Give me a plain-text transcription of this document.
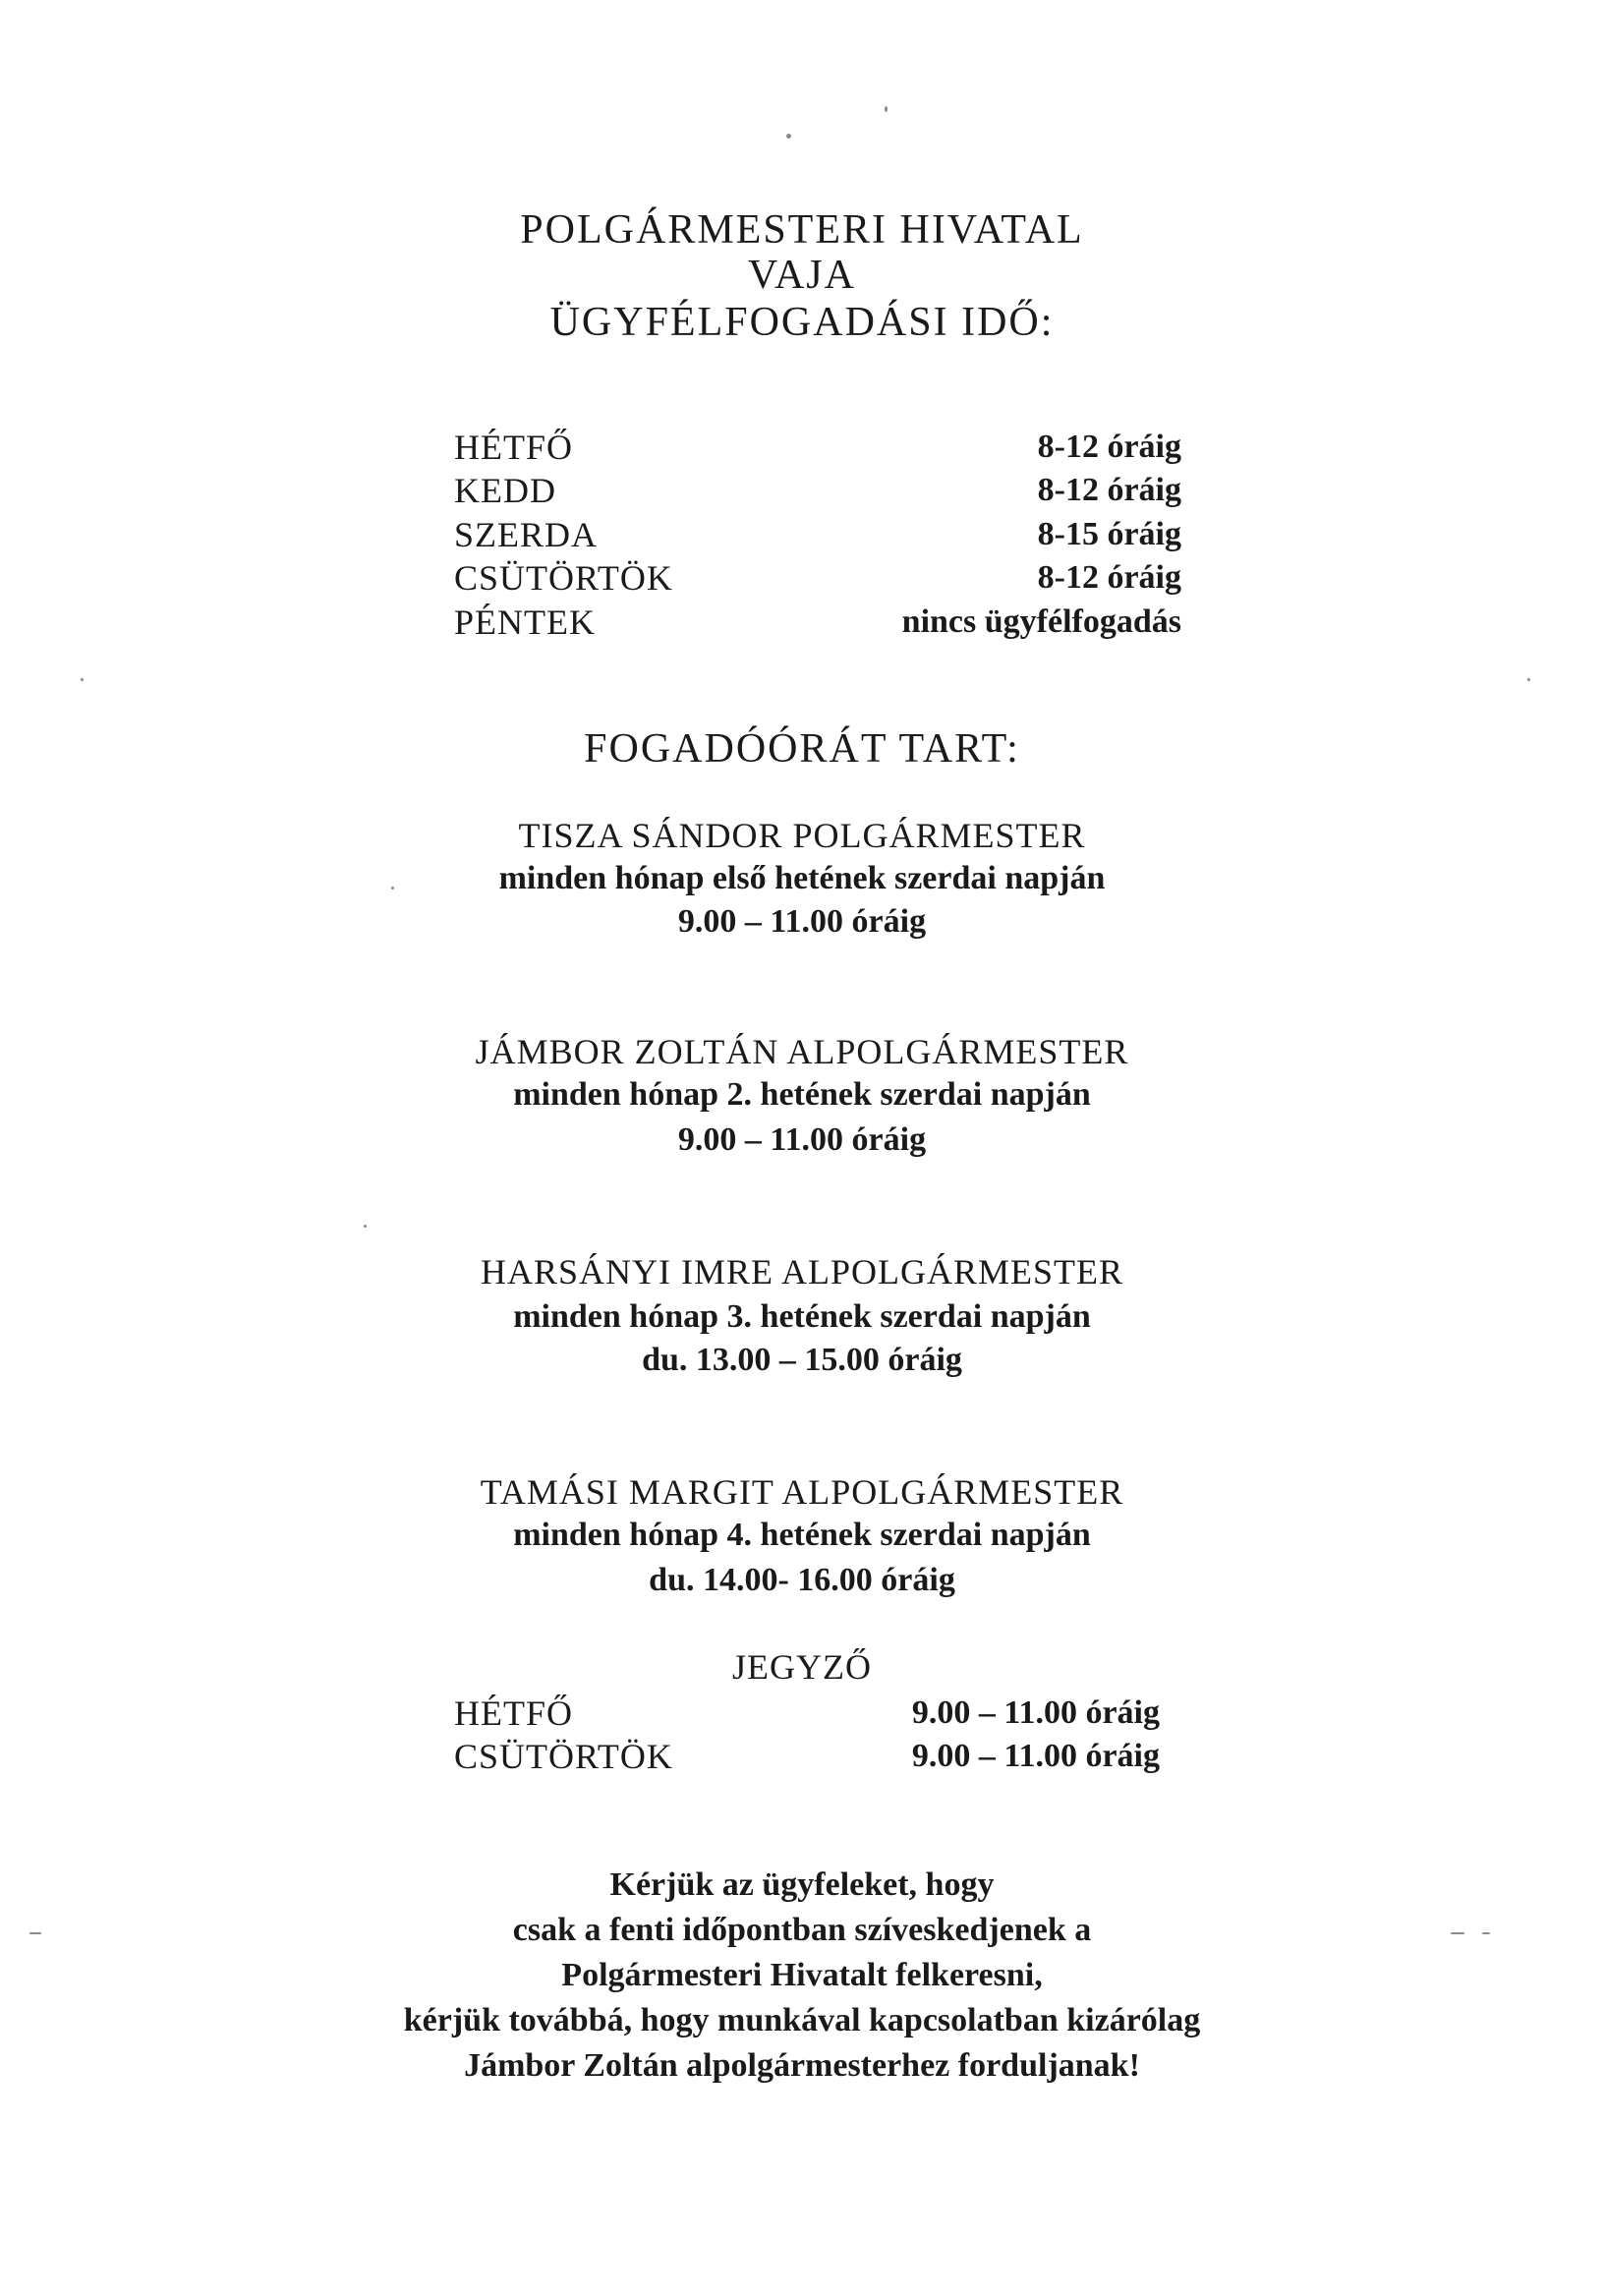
POLGÁRMESTERI HIVATAL
VAJA
ÜGYFÉLFOGADÁSI IDŐ:
HÉTFŐ	8-12 óráig
KEDD	8-12 óráig
SZERDA	8-15 óráig
CSÜTÖRTÖK	8-12 óráig
PÉNTEK	nincs ügyfélfogadás
FOGADÓÓRÁT TART:
TISZA SÁNDOR POLGÁRMESTER
minden hónap első hetének szerdai napján
9.00 – 11.00 óráig
JÁMBOR ZOLTÁN ALPOLGÁRMESTER
minden hónap 2. hetének szerdai napján
9.00 – 11.00 óráig
HARSÁNYI IMRE ALPOLGÁRMESTER
minden hónap 3. hetének szerdai napján
du. 13.00 – 15.00 óráig
TAMÁSI MARGIT ALPOLGÁRMESTER
minden hónap 4. hetének szerdai napján
du. 14.00- 16.00 óráig
JEGYZŐ
HÉTFŐ	9.00 – 11.00 óráig
CSÜTÖRTÖK	9.00 – 11.00 óráig
Kérjük az ügyfeleket, hogy
csak a fenti időpontban szíveskedjenek a
Polgármesteri Hivatalt felkeresni,
kérjük továbbá, hogy munkával kapcsolatban kizárólag
Jámbor Zoltán alpolgármesterhez forduljanak!
